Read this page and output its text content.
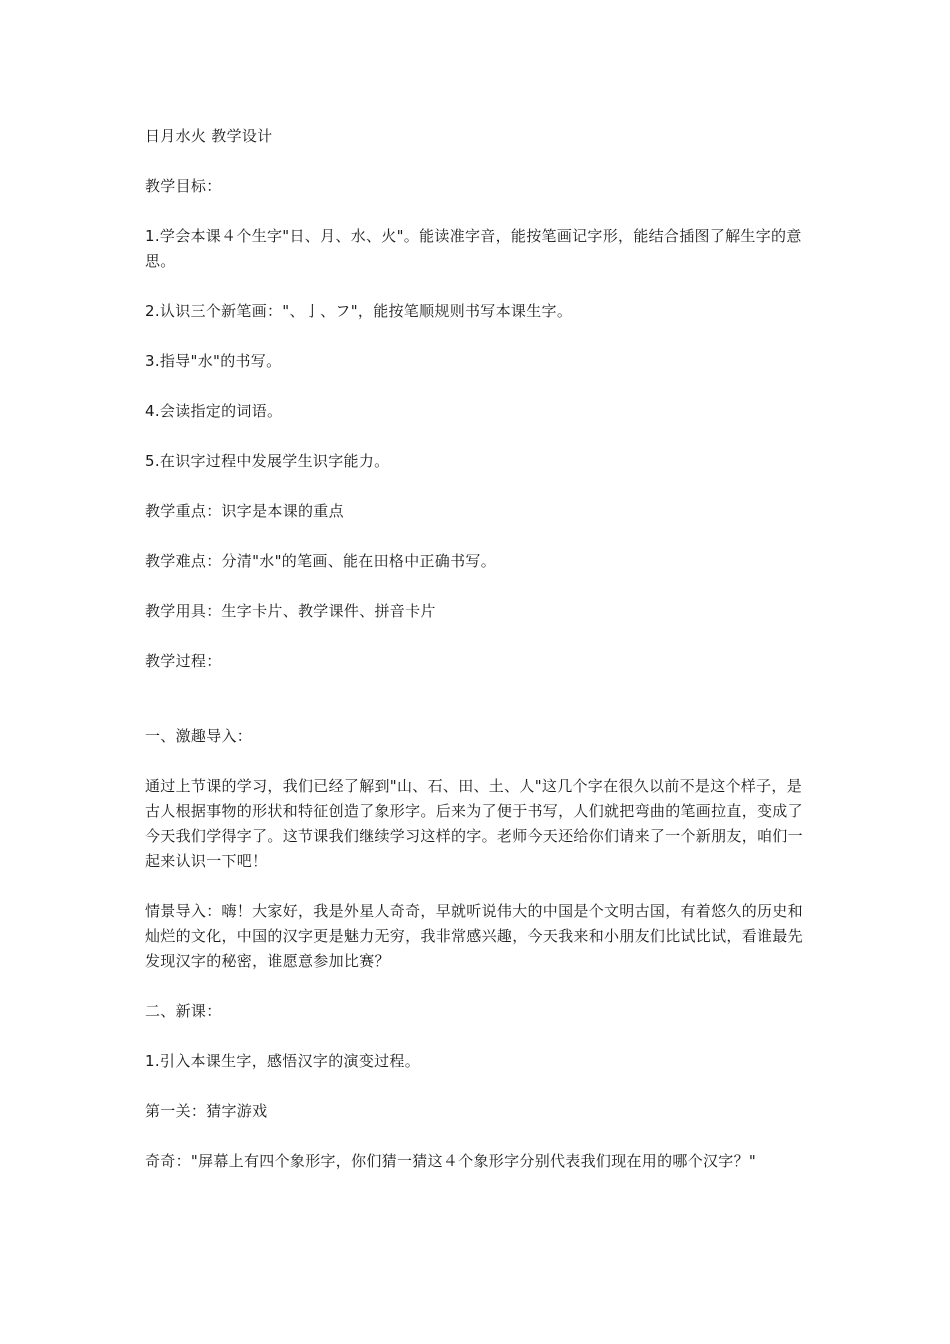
日月水火 教学设计

教学目标：

1.学会本课４个生字"日、月、水、火"。能读准字音，能按笔画记字形，能结合插图了解生字的意思。

2.认识三个新笔画："、亅、フ"，能按笔顺规则书写本课生字。

3.指导"水"的书写。

4.会读指定的词语。

5.在识字过程中发展学生识字能力。

教学重点：识字是本课的重点

教学难点：分清"水"的笔画、能在田格中正确书写。

教学用具：生字卡片、教学课件、拼音卡片

教学过程：

一、激趣导入：

通过上节课的学习，我们已经了解到"山、石、田、土、人"这几个字在很久以前不是这个样子，是古人根据事物的形状和特征创造了象形字。后来为了便于书写，人们就把弯曲的笔画拉直，变成了今天我们学得字了。这节课我们继续学习这样的字。老师今天还给你们请来了一个新朋友，咱们一起来认识一下吧！

情景导入：嗨！大家好，我是外星人奇奇，早就听说伟大的中国是个文明古国，有着悠久的历史和灿烂的文化，中国的汉字更是魅力无穷，我非常感兴趣，今天我来和小朋友们比试比试，看谁最先发现汉字的秘密，谁愿意参加比赛？

二、新课：

1.引入本课生字，感悟汉字的演变过程。

第一关：猜字游戏

奇奇："屏幕上有四个象形字，你们猜一猜这４个象形字分别代表我们现在用的哪个汉字？"
